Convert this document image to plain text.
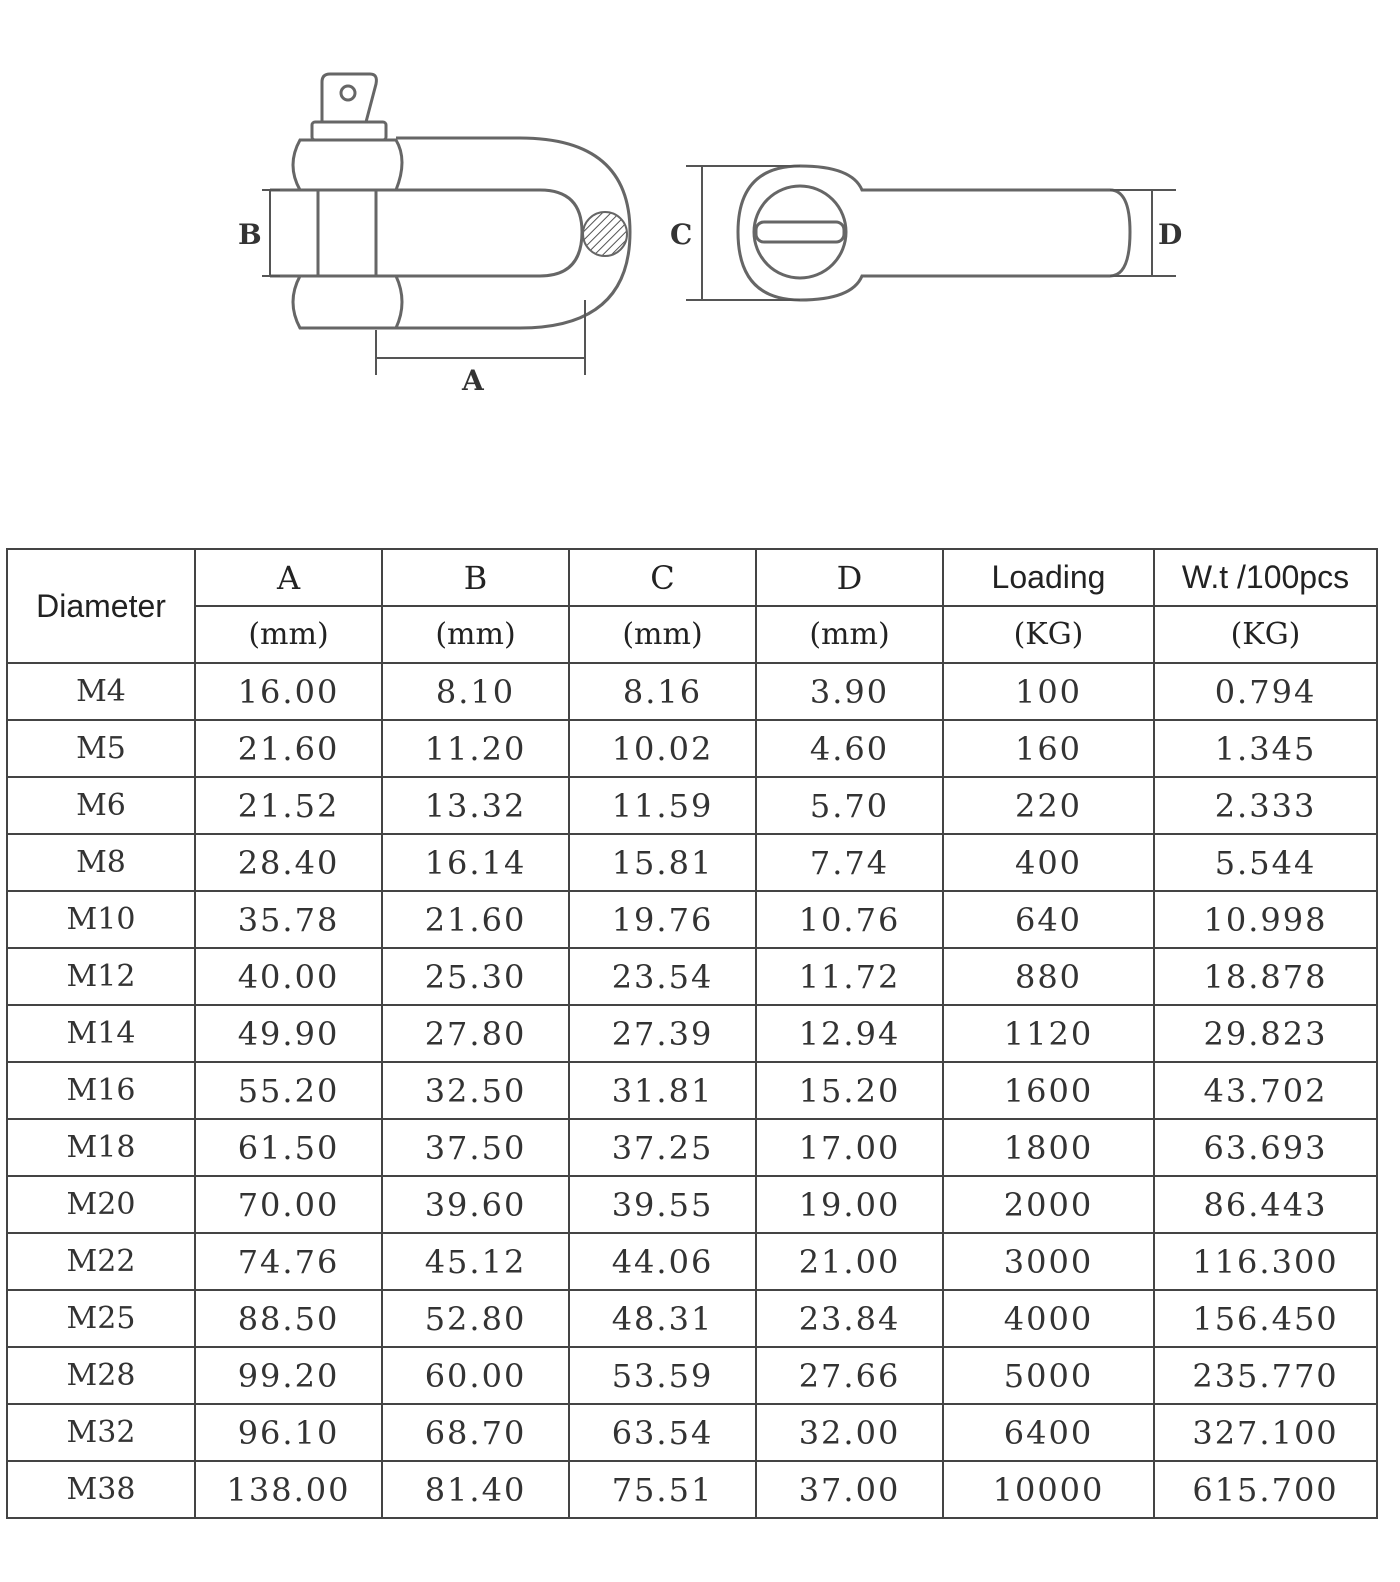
B
A
C	D
Diameter	A	B	C	D	Loading	W.t /100pcs
	(mm)	(mm)	(mm)	(mm)	(KG)	(KG)
M4	16.00	8.10	8.16	3.90	100	0.794
M5	21.60	11.20	10.02	4.60	160	1.345
M6	21.52	13.32	11.59	5.70	220	2.333
M8	28.40	16.14	15.81	7.74	400	5.544
M10	35.78	21.60	19.76	10.76	640	10.998
M12	40.00	25.30	23.54	11.72	880	18.878
M14	49.90	27.80	27.39	12.94	1120	29.823
M16	55.20	32.50	31.81	15.20	1600	43.702
M18	61.50	37.50	37.25	17.00	1800	63.693
M20	70.00	39.60	39.55	19.00	2000	86.443
M22	74.76	45.12	44.06	21.00	3000	116.300
M25	88.50	52.80	48.31	23.84	4000	156.450
M28	99.20	60.00	53.59	27.66	5000	235.770
M32	96.10	68.70	63.54	32.00	6400	327.100
M38	138.00	81.40	75.51	37.00	10000	615.700
